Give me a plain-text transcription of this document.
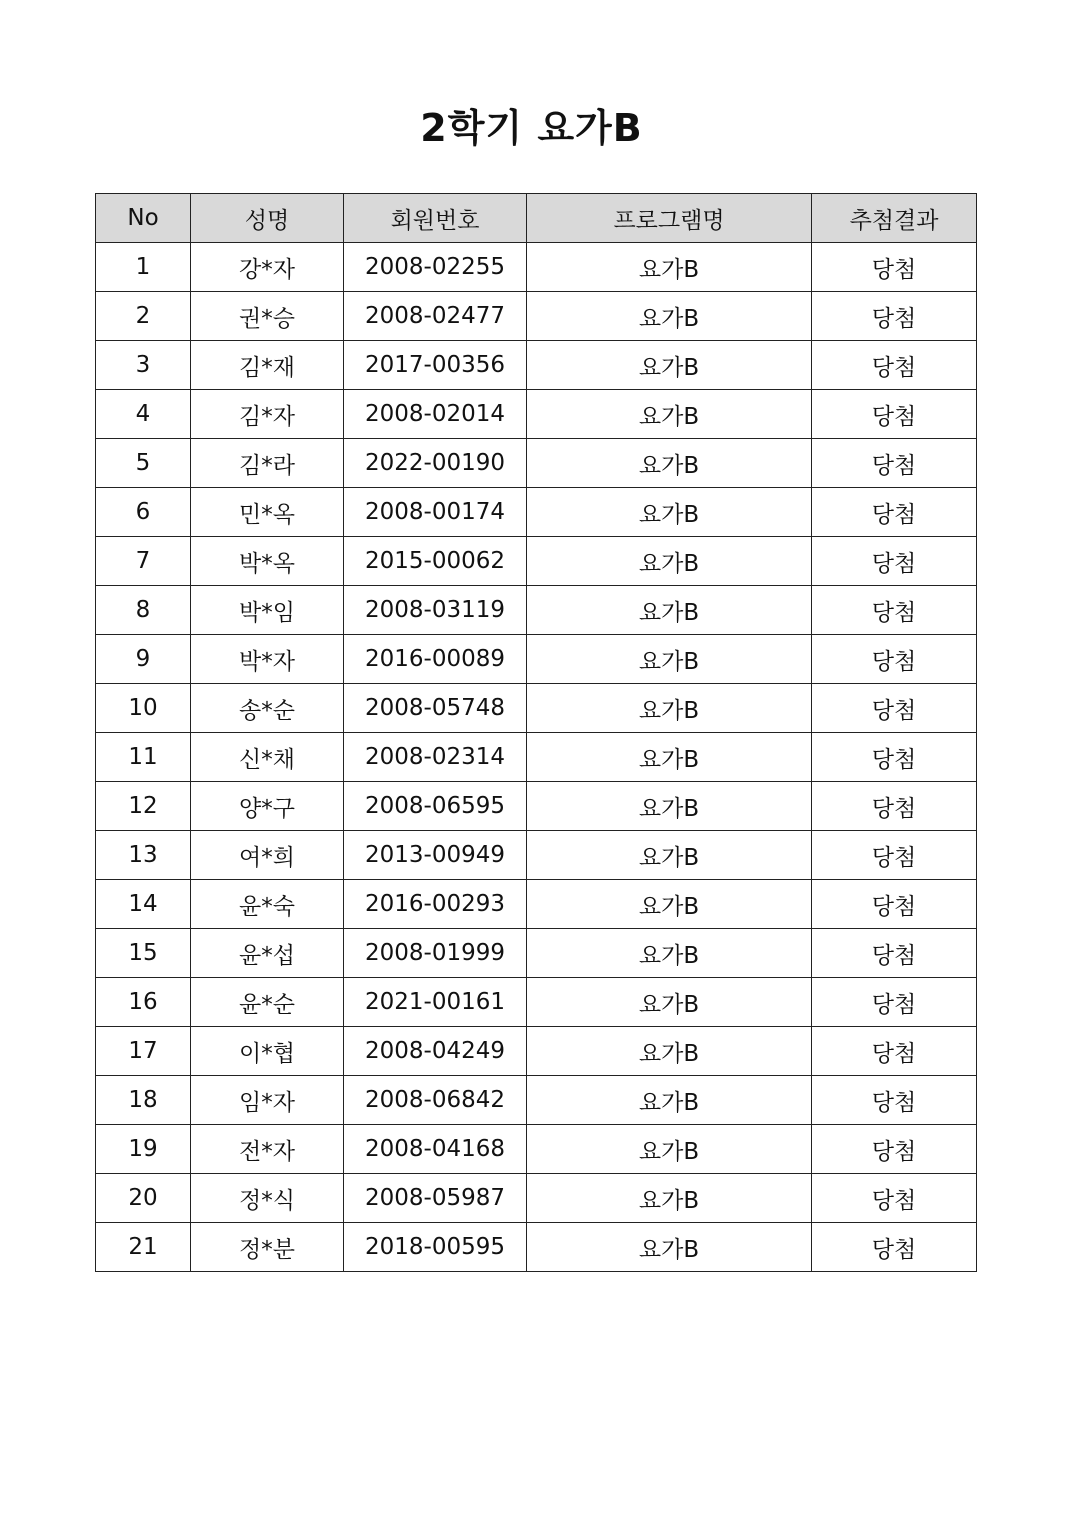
2학기 요가B
No	성명	회원번호	프로그램명	추첨결과
1	강*자	2008-02255	요가B	당첨
2	권*승	2008-02477	요가B	당첨
3	김*재	2017-00356	요가B	당첨
4	김*자	2008-02014	요가B	당첨
5	김*라	2022-00190	요가B	당첨
6	민*옥	2008-00174	요가B	당첨
7	박*옥	2015-00062	요가B	당첨
8	박*임	2008-03119	요가B	당첨
9	박*자	2016-00089	요가B	당첨
10	송*순	2008-05748	요가B	당첨
11	신*채	2008-02314	요가B	당첨
12	양*구	2008-06595	요가B	당첨
13	여*희	2013-00949	요가B	당첨
14	윤*숙	2016-00293	요가B	당첨
15	윤*섭	2008-01999	요가B	당첨
16	윤*순	2021-00161	요가B	당첨
17	이*협	2008-04249	요가B	당첨
18	임*자	2008-06842	요가B	당첨
19	전*자	2008-04168	요가B	당첨
20	정*식	2008-05987	요가B	당첨
21	정*분	2018-00595	요가B	당첨
